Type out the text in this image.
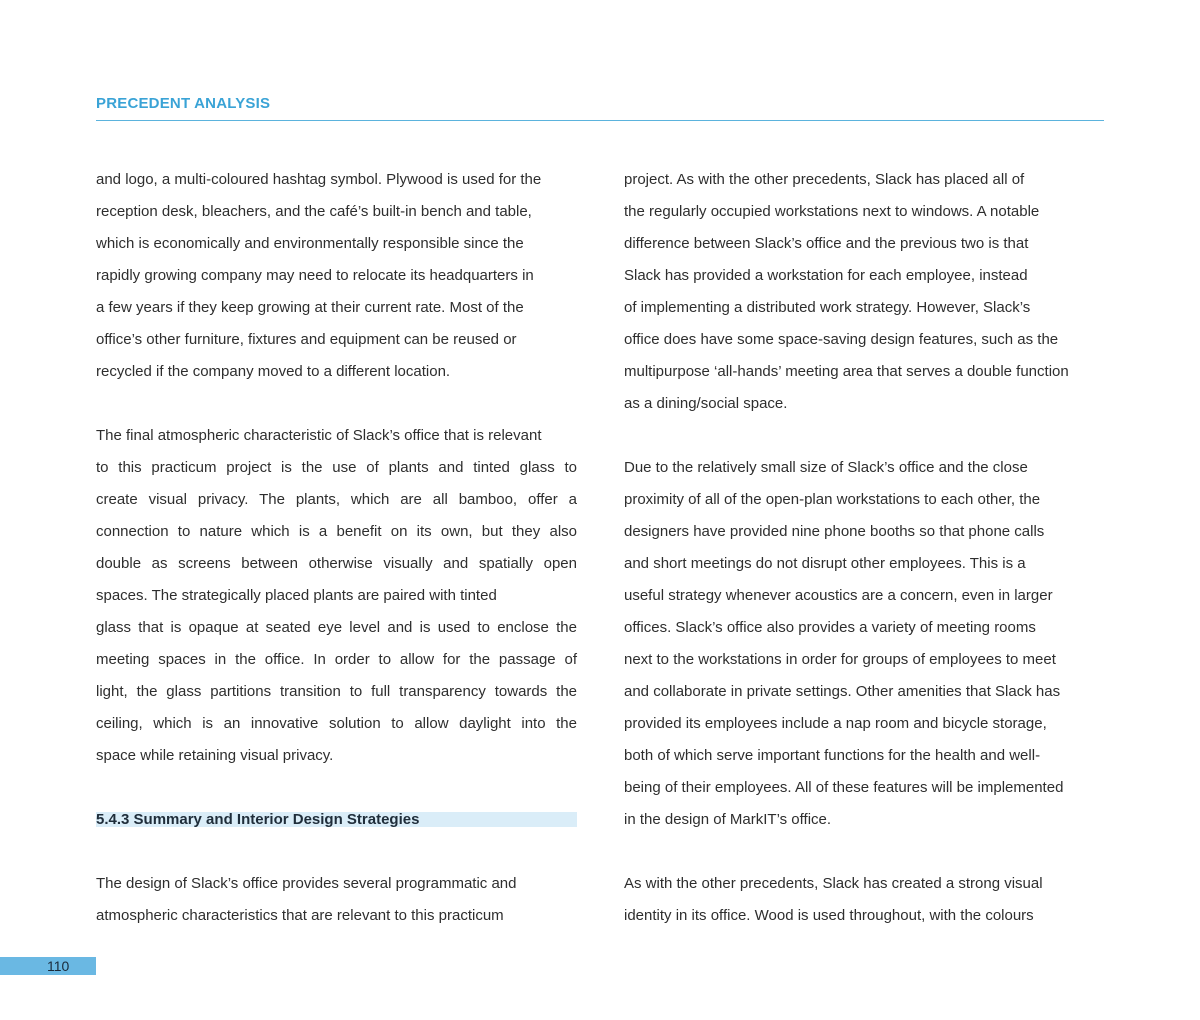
PRECEDENT ANALYSIS

and logo, a multi-coloured hashtag symbol. Plywood is used for the
reception desk, bleachers, and the café’s built-in bench and table,
which is economically and environmentally responsible since the
rapidly growing company may need to relocate its headquarters in
a few years if they keep growing at their current rate. Most of the
office’s other furniture, fixtures and equipment can be reused or
recycled if the company moved to a different location.

The final atmospheric characteristic of Slack’s office that is relevant
to this practicum project is the use of plants and tinted glass to
create visual privacy. The plants, which are all bamboo, offer a
connection to nature which is a benefit on its own, but they also
double as screens between otherwise visually and spatially open
spaces. The strategically placed plants are paired with tinted
glass that is opaque at seated eye level and is used to enclose the
meeting spaces in the office. In order to allow for the passage of
light, the glass partitions transition to full transparency towards the
ceiling, which is an innovative solution to allow daylight into the
space while retaining visual privacy.

5.4.3 Summary and Interior Design Strategies

The design of Slack’s office provides several programmatic and
atmospheric characteristics that are relevant to this practicum

project. As with the other precedents, Slack has placed all of
the regularly occupied workstations next to windows. A notable
difference between Slack’s office and the previous two is that
Slack has provided a workstation for each employee, instead
of implementing a distributed work strategy. However, Slack’s
office does have some space-saving design features, such as the
multipurpose ‘all-hands’ meeting area that serves a double function
as a dining/social space.

Due to the relatively small size of Slack’s office and the close
proximity of all of the open-plan workstations to each other, the
designers have provided nine phone booths so that phone calls
and short meetings do not disrupt other employees. This is a
useful strategy whenever acoustics are a concern, even in larger
offices. Slack’s office also provides a variety of meeting rooms
next to the workstations in order for groups of employees to meet
and collaborate in private settings. Other amenities that Slack has
provided its employees include a nap room and bicycle storage,
both of which serve important functions for the health and well-
being of their employees. All of these features will be implemented
in the design of MarkIT’s office.

As with the other precedents, Slack has created a strong visual
identity in its office. Wood is used throughout, with the colours

110
